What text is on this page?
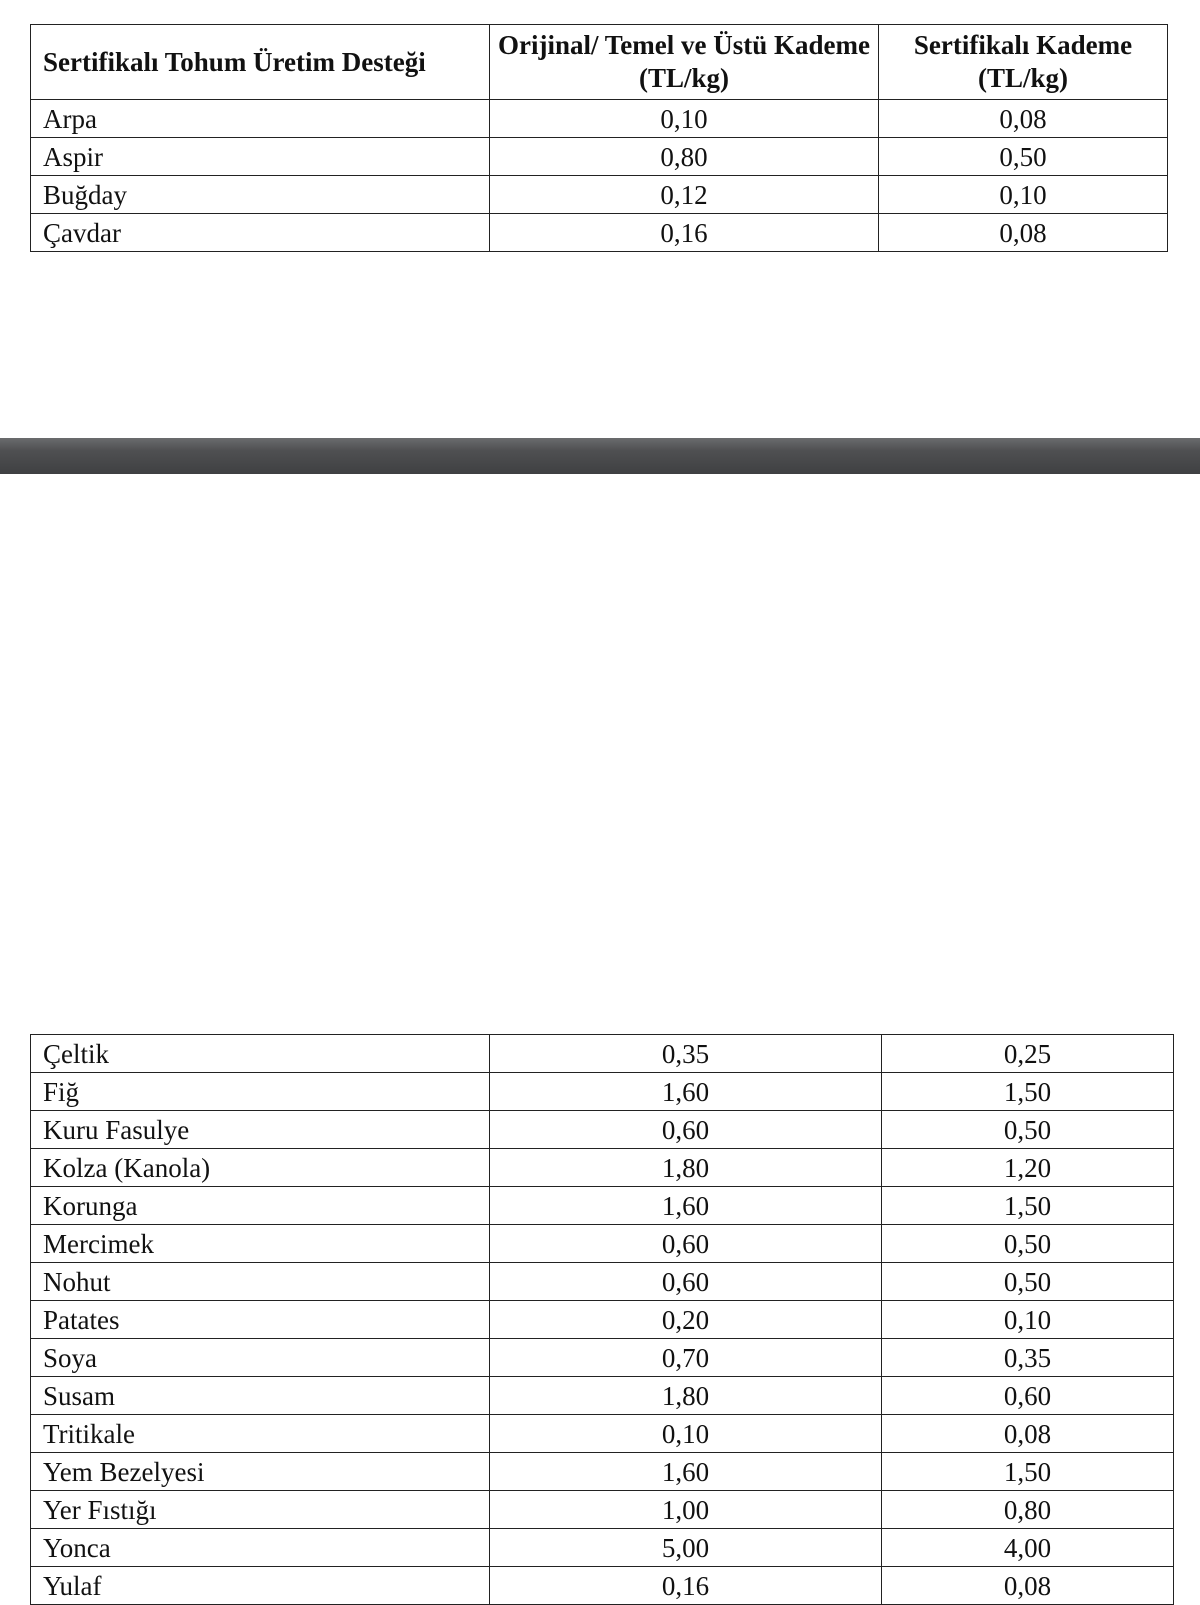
Sertifikalı Tohum Üretim Desteği	Orijinal/ Temel ve Üstü Kademe (TL/kg)	Sertifikalı Kademe (TL/kg)
Arpa	0,10	0,08
Aspir	0,80	0,50
Buğday	0,12	0,10
Çavdar	0,16	0,08
Çeltik	0,35	0,25
Fiğ	1,60	1,50
Kuru Fasulye	0,60	0,50
Kolza (Kanola)	1,80	1,20
Korunga	1,60	1,50
Mercimek	0,60	0,50
Nohut	0,60	0,50
Patates	0,20	0,10
Soya	0,70	0,35
Susam	1,80	0,60
Tritikale	0,10	0,08
Yem Bezelyesi	1,60	1,50
Yer Fıstığı	1,00	0,80
Yonca	5,00	4,00
Yulaf	0,16	0,08
